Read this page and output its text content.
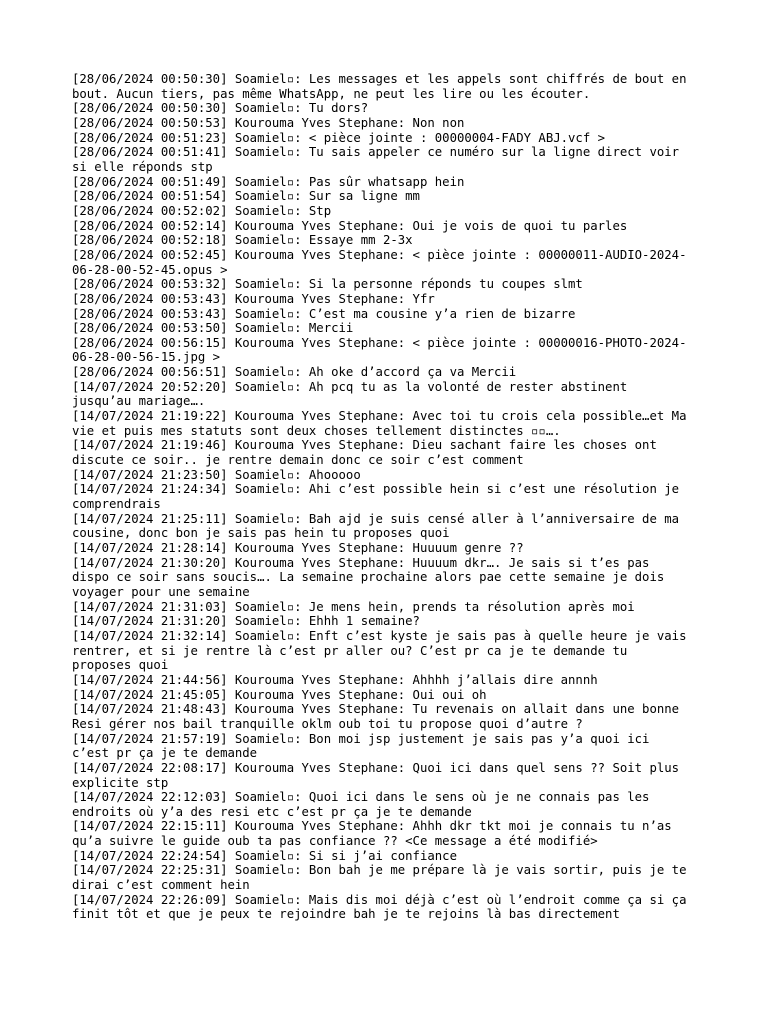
[28/06/2024 00:50:30] Soamiel▫: Les messages et les appels sont chiffrés de bout en
bout. Aucun tiers, pas même WhatsApp, ne peut les lire ou les écouter.
[28/06/2024 00:50:30] Soamiel▫: Tu dors?
[28/06/2024 00:50:53] Kourouma Yves Stephane: Non non
[28/06/2024 00:51:23] Soamiel▫: < pièce jointe : 00000004-FADY ABJ.vcf >
[28/06/2024 00:51:41] Soamiel▫: Tu sais appeler ce numéro sur la ligne direct voir
si elle réponds stp
[28/06/2024 00:51:49] Soamiel▫: Pas sûr whatsapp hein
[28/06/2024 00:51:54] Soamiel▫: Sur sa ligne mm
[28/06/2024 00:52:02] Soamiel▫: Stp
[28/06/2024 00:52:14] Kourouma Yves Stephane: Oui je vois de quoi tu parles
[28/06/2024 00:52:18] Soamiel▫: Essaye mm 2-3x
[28/06/2024 00:52:45] Kourouma Yves Stephane: < pièce jointe : 00000011-AUDIO-2024-
06-28-00-52-45.opus >
[28/06/2024 00:53:32] Soamiel▫: Si la personne réponds tu coupes slmt
[28/06/2024 00:53:43] Kourouma Yves Stephane: Yfr
[28/06/2024 00:53:43] Soamiel▫: C’est ma cousine y’a rien de bizarre
[28/06/2024 00:53:50] Soamiel▫: Mercii
[28/06/2024 00:56:15] Kourouma Yves Stephane: < pièce jointe : 00000016-PHOTO-2024-
06-28-00-56-15.jpg >
[28/06/2024 00:56:51] Soamiel▫: Ah oke d’accord ça va Mercii
[14/07/2024 20:52:20] Soamiel▫: Ah pcq tu as la volonté de rester abstinent
jusqu’au mariage….
[14/07/2024 21:19:22] Kourouma Yves Stephane: Avec toi tu crois cela possible…et Ma
vie et puis mes statuts sont deux choses tellement distinctes ▫▫….
[14/07/2024 21:19:46] Kourouma Yves Stephane: Dieu sachant faire les choses ont
discute ce soir.. je rentre demain donc ce soir c’est comment
[14/07/2024 21:23:50] Soamiel▫: Ahooooo
[14/07/2024 21:24:34] Soamiel▫: Ahi c’est possible hein si c’est une résolution je
comprendrais
[14/07/2024 21:25:11] Soamiel▫: Bah ajd je suis censé aller à l’anniversaire de ma
cousine, donc bon je sais pas hein tu proposes quoi
[14/07/2024 21:28:14] Kourouma Yves Stephane: Huuuum genre ??
[14/07/2024 21:30:20] Kourouma Yves Stephane: Huuuum dkr…. Je sais si t’es pas
dispo ce soir sans soucis…. La semaine prochaine alors pae cette semaine je dois
voyager pour une semaine
[14/07/2024 21:31:03] Soamiel▫: Je mens hein, prends ta résolution après moi
[14/07/2024 21:31:20] Soamiel▫: Ehhh 1 semaine?
[14/07/2024 21:32:14] Soamiel▫: Enft c’est kyste je sais pas à quelle heure je vais
rentrer, et si je rentre là c’est pr aller ou? C’est pr ca je te demande tu
proposes quoi
[14/07/2024 21:44:56] Kourouma Yves Stephane: Ahhhh j’allais dire annnh
[14/07/2024 21:45:05] Kourouma Yves Stephane: Oui oui oh
[14/07/2024 21:48:43] Kourouma Yves Stephane: Tu revenais on allait dans une bonne
Resi gérer nos bail tranquille oklm oub toi tu propose quoi d’autre ?
[14/07/2024 21:57:19] Soamiel▫: Bon moi jsp justement je sais pas y’a quoi ici
c’est pr ça je te demande
[14/07/2024 22:08:17] Kourouma Yves Stephane: Quoi ici dans quel sens ?? Soit plus
explicite stp
[14/07/2024 22:12:03] Soamiel▫: Quoi ici dans le sens où je ne connais pas les
endroits où y’a des resi etc c’est pr ça je te demande
[14/07/2024 22:15:11] Kourouma Yves Stephane: Ahhh dkr tkt moi je connais tu n’as
qu’a suivre le guide oub ta pas confiance ?? <Ce message a été modifié>
[14/07/2024 22:24:54] Soamiel▫: Si si j’ai confiance
[14/07/2024 22:25:31] Soamiel▫: Bon bah je me prépare là je vais sortir, puis je te
dirai c’est comment hein
[14/07/2024 22:26:09] Soamiel▫: Mais dis moi déjà c’est où l’endroit comme ça si ça
finit tôt et que je peux te rejoindre bah je te rejoins là bas directement
